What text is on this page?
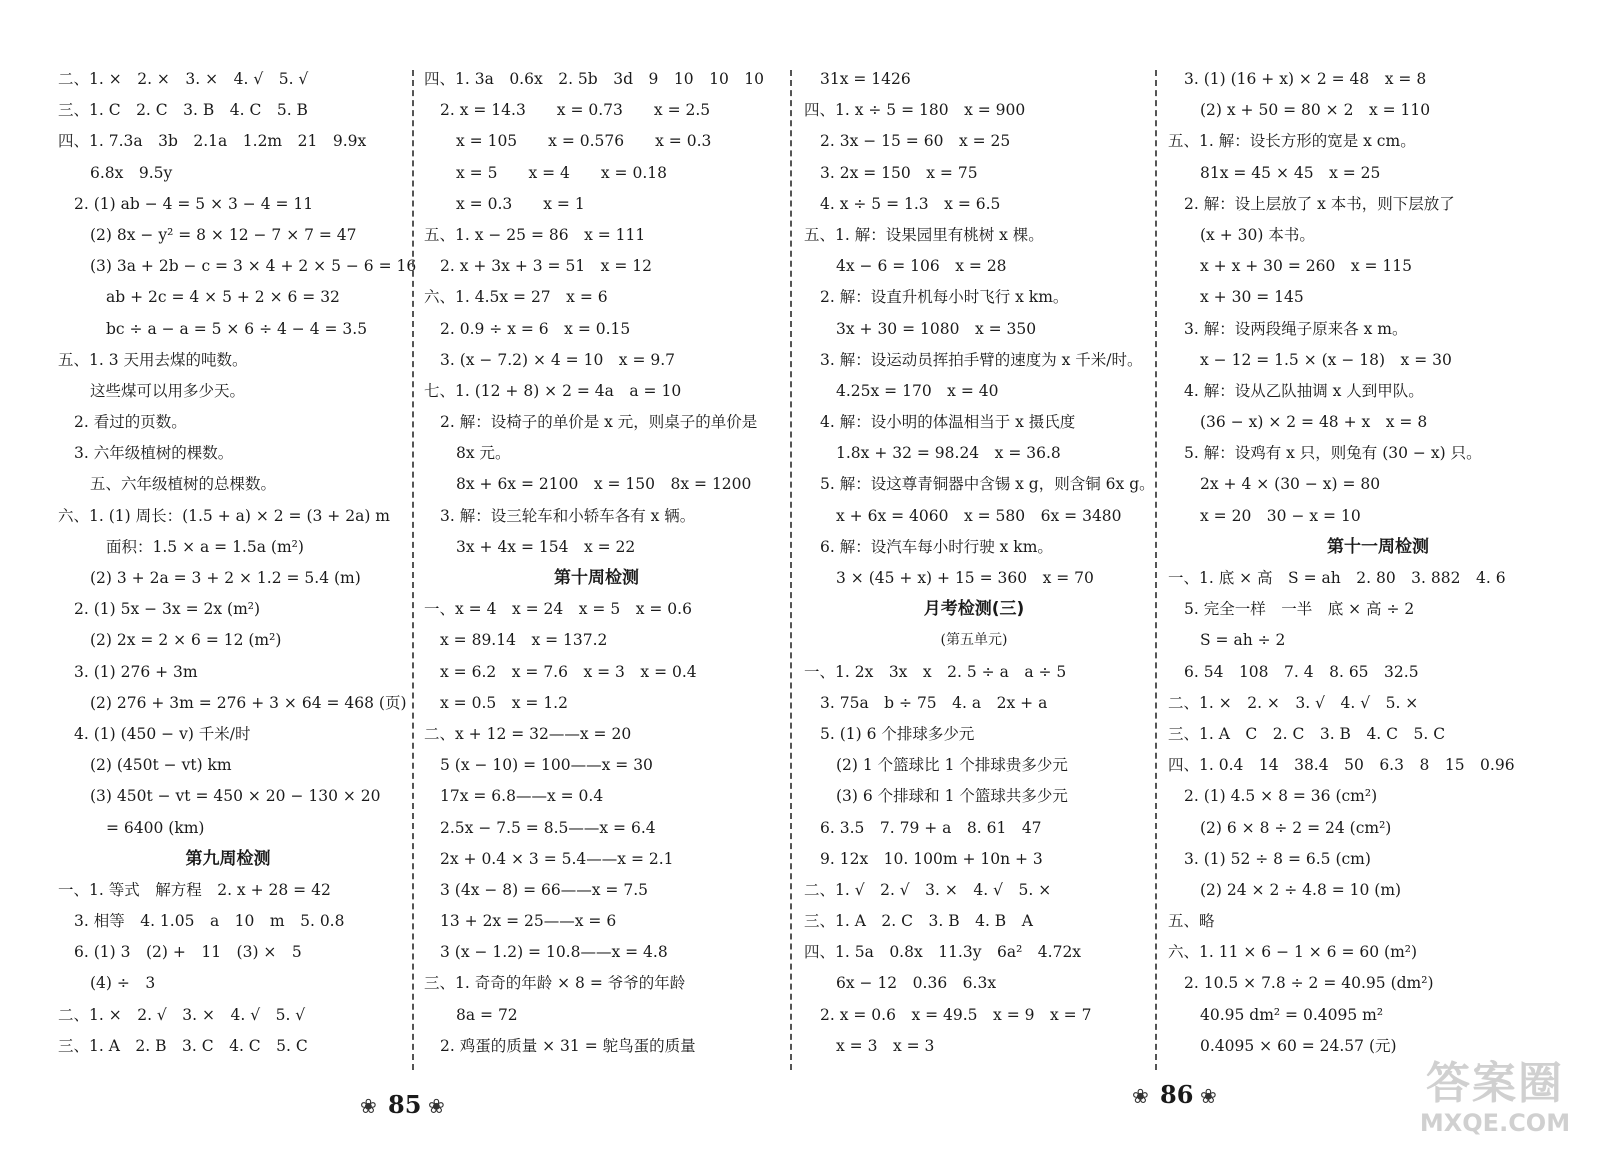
二、1. ×　2. ×　3. ×　4. √　5. √
三、1. C　2. C　3. B　4. C　5. B
四、1. 7.3a　3b　2.1a　1.2m　21　9.9x
6.8x　9.5y
2. (1) ab − 4 = 5 × 3 − 4 = 11
(2) 8x − y² = 8 × 12 − 7 × 7 = 47
(3) 3a + 2b − c = 3 × 4 + 2 × 5 − 6 = 16
ab + 2c = 4 × 5 + 2 × 6 = 32
bc ÷ a − a = 5 × 6 ÷ 4 − 4 = 3.5
五、1. 3 天用去煤的吨数。
这些煤可以用多少天。
2. 看过的页数。
3. 六年级植树的棵数。
五、六年级植树的总棵数。
六、1. (1) 周长：(1.5 + a) × 2 = (3 + 2a) m
面积：1.5 × a = 1.5a (m²)
(2) 3 + 2a = 3 + 2 × 1.2 = 5.4 (m)
2. (1) 5x − 3x = 2x (m²)
(2) 2x = 2 × 6 = 12 (m²)
3. (1) 276 + 3m
(2) 276 + 3m = 276 + 3 × 64 = 468 (页)
4. (1) (450 − v) 千米/时
(2) (450t − vt) km
(3) 450t − vt = 450 × 20 − 130 × 20
= 6400 (km)
第九周检测
一、1. 等式　解方程　2. x + 28 = 42
3. 相等　4. 1.05　a　10　m　5. 0.8
6. (1) 3　(2) +　11　(3) ×　5
(4) ÷　3
二、1. ×　2. √　3. ×　4. √　5. √
三、1. A　2. B　3. C　4. C　5. C
四、1. 3a　0.6x　2. 5b　3d　9　10　10　10
2. x = 14.3　　x = 0.73　　x = 2.5
x = 105　　x = 0.576　　x = 0.3
x = 5　　x = 4　　x = 0.18
x = 0.3　　x = 1
五、1. x − 25 = 86　x = 111
2. x + 3x + 3 = 51　x = 12
六、1. 4.5x = 27　x = 6
2. 0.9 ÷ x = 6　x = 0.15
3. (x − 7.2) × 4 = 10　x = 9.7
七、1. (12 + 8) × 2 = 4a　a = 10
2. 解：设椅子的单价是 x 元，则桌子的单价是
8x 元。
8x + 6x = 2100　x = 150　8x = 1200
3. 解：设三轮车和小轿车各有 x 辆。
3x + 4x = 154　x = 22
第十周检测
一、x = 4　x = 24　x = 5　x = 0.6
x = 89.14　x = 137.2
x = 6.2　x = 7.6　x = 3　x = 0.4
x = 0.5　x = 1.2
二、x + 12 = 32——x = 20
5 (x − 10) = 100——x = 30
17x = 6.8——x = 0.4
2.5x − 7.5 = 8.5——x = 6.4
2x + 0.4 × 3 = 5.4——x = 2.1
3 (4x − 8) = 66——x = 7.5
13 + 2x = 25——x = 6
3 (x − 1.2) = 10.8——x = 4.8
三、1. 奇奇的年龄 × 8 = 爷爷的年龄
8a = 72
2. 鸡蛋的质量 × 31 = 鸵鸟蛋的质量
31x = 1426
四、1. x ÷ 5 = 180　x = 900
2. 3x − 15 = 60　x = 25
3. 2x = 150　x = 75
4. x ÷ 5 = 1.3　x = 6.5
五、1. 解：设果园里有桃树 x 棵。
4x − 6 = 106　x = 28
2. 解：设直升机每小时飞行 x km。
3x + 30 = 1080　x = 350
3. 解：设运动员挥拍手臂的速度为 x 千米/时。
4.25x = 170　x = 40
4. 解：设小明的体温相当于 x 摄氏度
1.8x + 32 = 98.24　x = 36.8
5. 解：设这尊青铜器中含锡 x g，则含铜 6x g。
x + 6x = 4060　x = 580　6x = 3480
6. 解：设汽车每小时行驶 x km。
3 × (45 + x) + 15 = 360　x = 70
月考检测(三)
(第五单元)
一、1. 2x　3x　x　2. 5 ÷ a　a ÷ 5
3. 75a　b ÷ 75　4. a　2x + a
5. (1) 6 个排球多少元
(2) 1 个篮球比 1 个排球贵多少元
(3) 6 个排球和 1 个篮球共多少元
6. 3.5　7. 79 + a　8. 61　47
9. 12x　10. 100m + 10n + 3
二、1. √　2. √　3. ×　4. √　5. ×
三、1. A　2. C　3. B　4. B　A
四、1. 5a　0.8x　11.3y　6a²　4.72x
6x − 12　0.36　6.3x
2. x = 0.6　x = 49.5　x = 9　x = 7
x = 3　x = 3
3. (1) (16 + x) × 2 = 48　x = 8
(2) x + 50 = 80 × 2　x = 110
五、1. 解：设长方形的宽是 x cm。
81x = 45 × 45　x = 25
2. 解：设上层放了 x 本书，则下层放了
(x + 30) 本书。
x + x + 30 = 260　x = 115
x + 30 = 145
3. 解：设两段绳子原来各 x m。
x − 12 = 1.5 × (x − 18)　x = 30
4. 解：设从乙队抽调 x 人到甲队。
(36 − x) × 2 = 48 + x　x = 8
5. 解：设鸡有 x 只，则兔有 (30 − x) 只。
2x + 4 × (30 − x) = 80
x = 20　30 − x = 10
第十一周检测
一、1. 底 × 高　S = ah　2. 80　3. 882　4. 6
5. 完全一样　一半　底 × 高 ÷ 2
S = ah ÷ 2
6. 54　108　7. 4　8. 65　32.5
二、1. ×　2. ×　3. √　4. √　5. ×
三、1. A　C　2. C　3. B　4. C　5. C
四、1. 0.4　14　38.4　50　6.3　8　15　0.96
2. (1) 4.5 × 8 = 36 (cm²)
(2) 6 × 8 ÷ 2 = 24 (cm²)
3. (1) 52 ÷ 8 = 6.5 (cm)
(2) 24 × 2 ÷ 4.8 = 10 (m)
五、略
六、1. 11 × 6 − 1 × 6 = 60 (m²)
2. 10.5 × 7.8 ÷ 2 = 40.95 (dm²)
40.95 dm² = 0.4095 m²
0.4095 × 60 = 24.57 (元)
❀ 85 ❀	❀ 86 ❀	答案圈
MXQE.COM
